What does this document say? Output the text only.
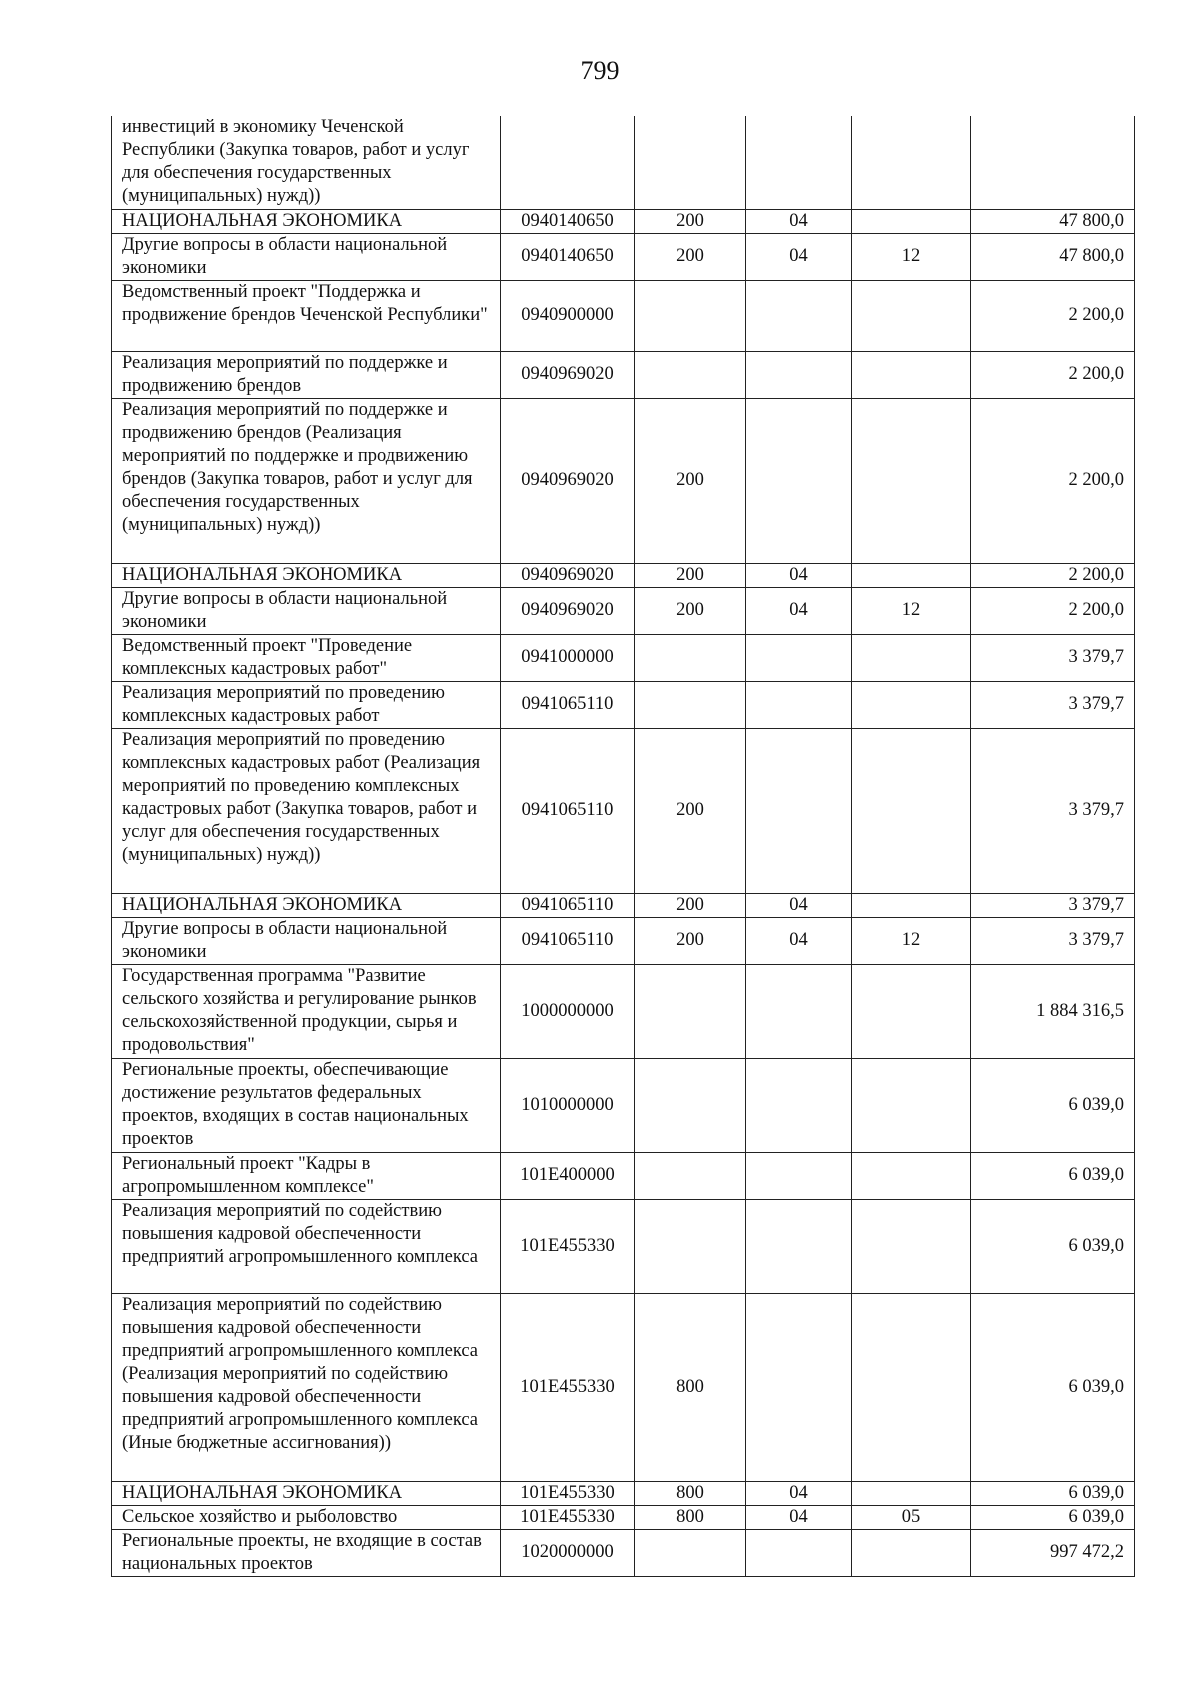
799
инвестиций в экономику Чеченской Республики (Закупка товаров, работ и услуг для обеспечения государственных (муниципальных) нужд))					
НАЦИОНАЛЬНАЯ ЭКОНОМИКА	0940140650	200	04		47 800,0
Другие вопросы в области национальной экономики	0940140650	200	04	12	47 800,0
Ведомственный проект "Поддержка и продвижение брендов Чеченской Республики"	0940900000				2 200,0
Реализация мероприятий по поддержке и продвижению брендов	0940969020				2 200,0
Реализация мероприятий по поддержке и продвижению брендов (Реализация мероприятий по поддержке и продвижению брендов (Закупка товаров, работ и услуг для обеспечения государственных (муниципальных) нужд))	0940969020	200			2 200,0
НАЦИОНАЛЬНАЯ ЭКОНОМИКА	0940969020	200	04		2 200,0
Другие вопросы в области национальной экономики	0940969020	200	04	12	2 200,0
Ведомственный проект "Проведение комплексных кадастровых работ"	0941000000				3 379,7
Реализация мероприятий по проведению комплексных кадастровых работ	0941065110				3 379,7
Реализация мероприятий по проведению комплексных кадастровых работ (Реализация мероприятий по проведению комплексных кадастровых работ (Закупка товаров, работ и услуг для обеспечения государственных (муниципальных) нужд))	0941065110	200			3 379,7
НАЦИОНАЛЬНАЯ ЭКОНОМИКА	0941065110	200	04		3 379,7
Другие вопросы в области национальной экономики	0941065110	200	04	12	3 379,7
Государственная программа "Развитие сельского хозяйства и регулирование рынков сельскохозяйственной продукции, сырья и продовольствия"	1000000000				1 884 316,5
Региональные проекты, обеспечивающие достижение результатов федеральных проектов, входящих в состав национальных проектов	1010000000				6 039,0
Региональный проект "Кадры в агропромышленном комплексе"	101E400000				6 039,0
Реализация мероприятий по содействию повышения кадровой обеспеченности предприятий агропромышленного комплекса	101E455330				6 039,0
Реализация мероприятий по содействию повышения кадровой обеспеченности предприятий агропромышленного комплекса (Реализация мероприятий по содействию повышения кадровой обеспеченности предприятий агропромышленного комплекса (Иные бюджетные ассигнования))	101E455330	800			6 039,0
НАЦИОНАЛЬНАЯ ЭКОНОМИКА	101E455330	800	04		6 039,0
Сельское хозяйство и рыболовство	101E455330	800	04	05	6 039,0
Региональные проекты, не входящие в состав национальных проектов	1020000000				997 472,2
